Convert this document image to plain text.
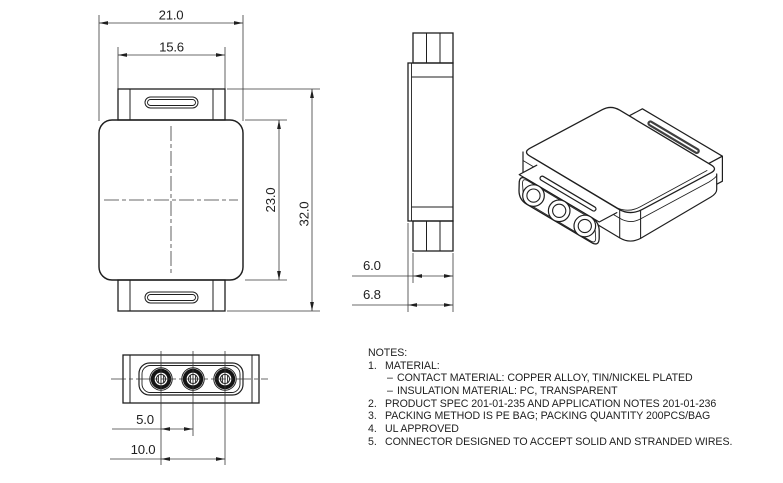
21.0
15.6
23.0
32.0
6.0
6.8
5.0
10.0
NOTES:
1. MATERIAL:
– CONTACT MATERIAL: COPPER ALLOY, TIN/NICKEL PLATED
– INSULATION MATERIAL: PC, TRANSPARENT
2. PRODUCT SPEC 201-01-235 AND APPLICATION NOTES 201-01-236
3. PACKING METHOD IS PE BAG; PACKING QUANTITY 200PCS/BAG
4. UL APPROVED
5. CONNECTOR DESIGNED TO ACCEPT SOLID AND STRANDED WIRES.
